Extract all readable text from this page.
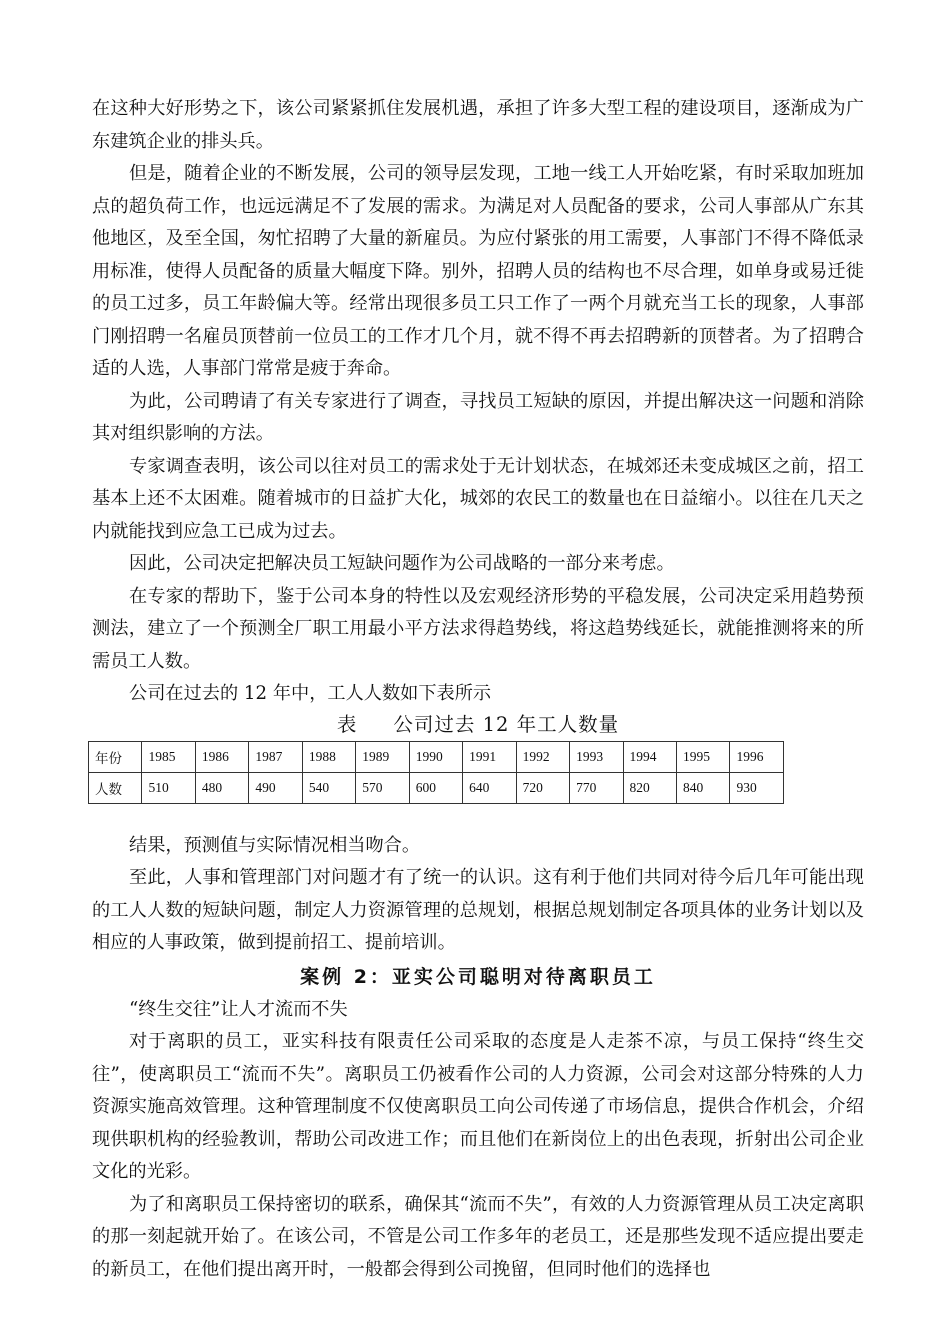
在这种大好形势之下，该公司紧紧抓住发展机遇，承担了许多大型工程的建设项目，逐渐成为广东建筑企业的排头兵。

但是，随着企业的不断发展，公司的领导层发现，工地一线工人开始吃紧，有时采取加班加点的超负荷工作，也远远满足不了发展的需求。为满足对人员配备的要求，公司人事部从广东其他地区，及至全国，匆忙招聘了大量的新雇员。为应付紧张的用工需要，人事部门不得不降低录用标准，使得人员配备的质量大幅度下降。别外，招聘人员的结构也不尽合理，如单身或易迁徙的员工过多，员工年龄偏大等。经常出现很多员工只工作了一两个月就充当工长的现象，人事部门刚招聘一名雇员顶替前一位员工的工作才几个月，就不得不再去招聘新的顶替者。为了招聘合适的人选，人事部门常常是疲于奔命。

为此，公司聘请了有关专家进行了调查，寻找员工短缺的原因，并提出解决这一问题和消除其对组织影响的方法。

专家调查表明，该公司以往对员工的需求处于无计划状态，在城郊还未变成城区之前，招工基本上还不太困难。随着城市的日益扩大化，城郊的农民工的数量也在日益缩小。以往在几天之内就能找到应急工已成为过去。

因此，公司决定把解决员工短缺问题作为公司战略的一部分来考虑。

在专家的帮助下，鉴于公司本身的特性以及宏观经济形势的平稳发展，公司决定采用趋势预测法，建立了一个预测全厂职工用最小平方法求得趋势线，将这趋势线延长，就能推测将来的所需员工人数。

公司在过去的 12 年中，工人人数如下表所示

表 公司过去 12 年工人数量
年份	1985	1986	1987	1988	1989	1990	1991	1992	1993	1994	1995	1996
人数	510	480	490	540	570	600	640	720	770	820	840	930

结果，预测值与实际情况相当吻合。

至此，人事和管理部门对问题才有了统一的认识。这有利于他们共同对待今后几年可能出现的工人人数的短缺问题，制定人力资源管理的总规划，根据总规划制定各项具体的业务计划以及相应的人事政策，做到提前招工、提前培训。

案例 2：亚实公司聪明对待离职员工

“终生交往”让人才流而不失

对于离职的员工，亚实科技有限责任公司采取的态度是人走茶不凉，与员工保持“终生交往”，使离职员工“流而不失”。离职员工仍被看作公司的人力资源，公司会对这部分特殊的人力资源实施高效管理。这种管理制度不仅使离职员工向公司传递了市场信息，提供合作机会，介绍现供职机构的经验教训，帮助公司改进工作；而且他们在新岗位上的出色表现，折射出公司企业文化的光彩。

为了和离职员工保持密切的联系，确保其“流而不失”，有效的人力资源管理从员工决定离职的那一刻起就开始了。在该公司，不管是公司工作多年的老员工，还是那些发现不适应提出要走的新员工，在他们提出离开时，一般都会得到公司挽留，但同时他们的选择也
